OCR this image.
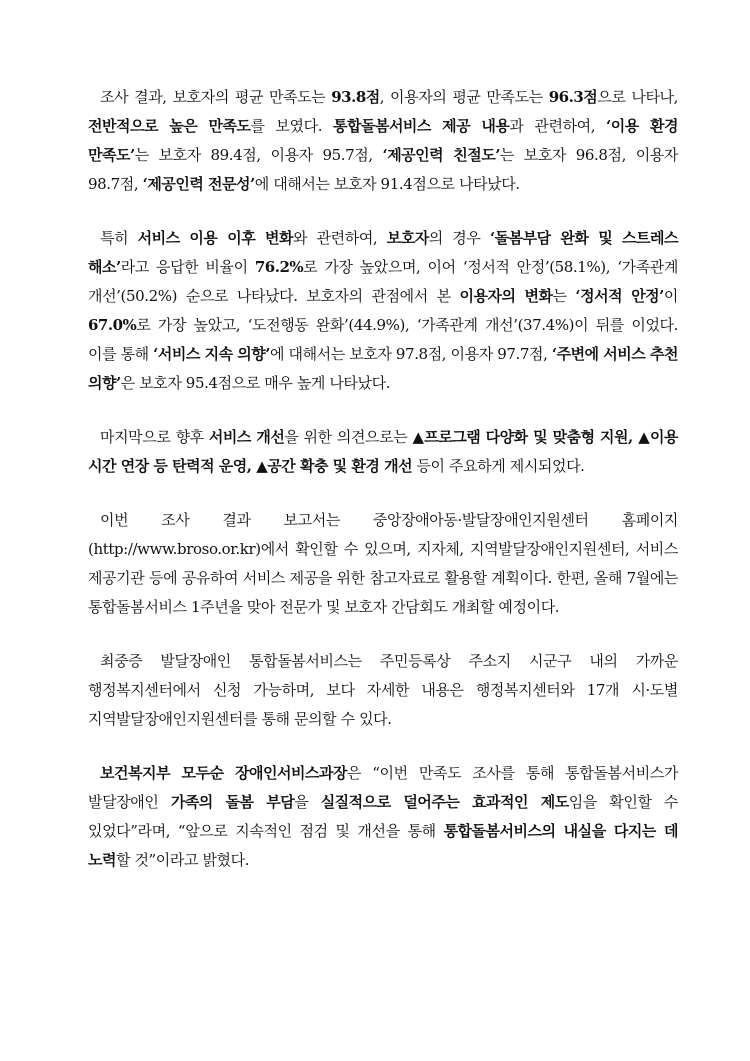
조사 결과, 보호자의 평균 만족도는 93.8점, 이용자의 평균 만족도는 96.3점으로 나타나, 전반적으로 높은 만족도를 보였다. 통합돌봄서비스 제공 내용과 관련하여, ‘이용 환경 만족도’는 보호자 89.4점, 이용자 95.7점, ‘제공인력 친절도’는 보호자 96.8점, 이용자 98.7점, ‘제공인력 전문성’에 대해서는 보호자 91.4점으로 나타났다.

특히 서비스 이용 이후 변화와 관련하여, 보호자의 경우 ‘돌봄부담 완화 및 스트레스 해소’라고 응답한 비율이 76.2%로 가장 높았으며, 이어 ‘정서적 안정’(58.1%), ‘가족관계 개선’(50.2%) 순으로 나타났다. 보호자의 관점에서 본 이용자의 변화는 ‘정서적 안정’이 67.0%로 가장 높았고, ‘도전행동 완화’(44.9%), ‘가족관계 개선’(37.4%)이 뒤를 이었다. 이를 통해 ‘서비스 지속 의향’에 대해서는 보호자 97.8점, 이용자 97.7점, ‘주변에 서비스 추천 의향’은 보호자 95.4점으로 매우 높게 나타났다.

마지막으로 향후 서비스 개선을 위한 의견으로는 ▲프로그램 다양화 및 맞춤형 지원, ▲이용 시간 연장 등 탄력적 운영, ▲공간 확충 및 환경 개선 등이 주요하게 제시되었다.

이번 조사 결과 보고서는 중앙장애아동·발달장애인지원센터 홈페이지(http://www.broso.or.kr)에서 확인할 수 있으며, 지자체, 지역발달장애인지원센터, 서비스 제공기관 등에 공유하여 서비스 제공을 위한 참고자료로 활용할 계획이다. 한편, 올해 7월에는 통합돌봄서비스 1주년을 맞아 전문가 및 보호자 간담회도 개최할 예정이다.

최중증 발달장애인 통합돌봄서비스는 주민등록상 주소지 시군구 내의 가까운 행정복지센터에서 신청 가능하며, 보다 자세한 내용은 행정복지센터와 17개 시·도별 지역발달장애인지원센터를 통해 문의할 수 있다.

보건복지부 모두순 장애인서비스과장은 “이번 만족도 조사를 통해 통합돌봄서비스가 발달장애인 가족의 돌봄 부담을 실질적으로 덜어주는 효과적인 제도임을 확인할 수 있었다”라며, “앞으로 지속적인 점검 및 개선을 통해 통합돌봄서비스의 내실을 다지는 데 노력할 것”이라고 밝혔다.
